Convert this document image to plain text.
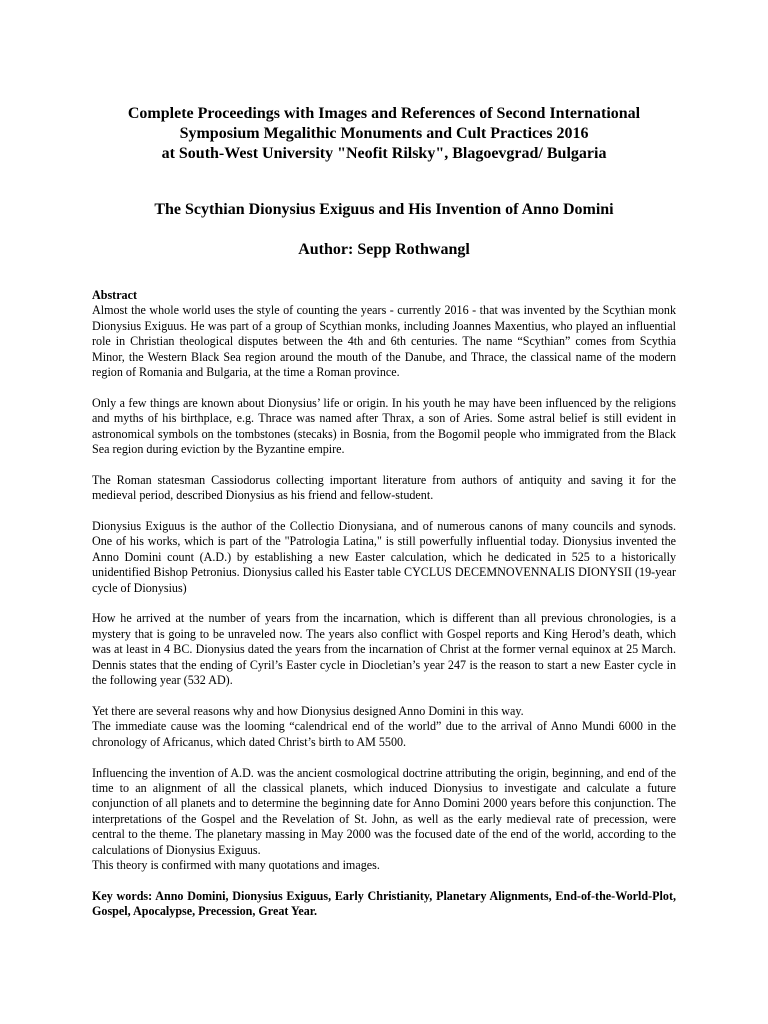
Complete Proceedings with Images and References of Second International
Symposium Megalithic Monuments and Cult Practices 2016
at South-West University "Neofit Rilsky", Blagoevgrad/ Bulgaria
The Scythian Dionysius Exiguus and His Invention of Anno Domini
Author: Sepp Rothwangl

Abstract
Almost the whole world uses the style of counting the years - currently 2016 - that was invented by the Scythian monk Dionysius Exiguus. He was part of a group of Scythian monks, including Joannes Maxentius, who played an influential role in Christian theological disputes between the 4th and 6th centuries. The name “Scythian” comes from Scythia Minor, the Western Black Sea region around the mouth of the Danube, and Thrace, the classical name of the modern region of Romania and Bulgaria, at the time a Roman province.

Only a few things are known about Dionysius’ life or origin. In his youth he may have been influenced by the religions and myths of his birthplace, e.g. Thrace was named after Thrax, a son of Aries. Some astral belief is still evident in astronomical symbols on the tombstones (stecaks) in Bosnia, from the Bogomil people who immigrated from the Black Sea region during eviction by the Byzantine empire.

The Roman statesman Cassiodorus collecting important literature from authors of antiquity and saving it for the medieval period, described Dionysius as his friend and fellow-student.

Dionysius Exiguus is the author of the Collectio Dionysiana, and of numerous canons of many councils and synods. One of his works, which is part of the "Patrologia Latina," is still powerfully influential today. Dionysius invented the Anno Domini count (A.D.) by establishing a new Easter calculation, which he dedicated in 525 to a historically unidentified Bishop Petronius. Dionysius called his Easter table CYCLUS DECEMNOVENNALIS DIONYSII (19-year cycle of Dionysius)

How he arrived at the number of years from the incarnation, which is different than all previous chronologies, is a mystery that is going to be unraveled now. The years also conflict with Gospel reports and King Herod’s death, which was at least in 4 BC. Dionysius dated the years from the incarnation of Christ at the former vernal equinox at 25 March. Dennis states that the ending of Cyril’s Easter cycle in Diocletian’s year 247 is the reason to start a new Easter cycle in the following year (532 AD).

Yet there are several reasons why and how Dionysius designed Anno Domini in this way.

The immediate cause was the looming “calendrical end of the world” due to the arrival of Anno Mundi 6000 in the chronology of Africanus, which dated Christ’s birth to AM 5500.

Influencing the invention of A.D. was the ancient cosmological doctrine attributing the origin, beginning, and end of the time to an alignment of all the classical planets, which induced Dionysius to investigate and calculate a future conjunction of all planets and to determine the beginning date for Anno Domini 2000 years before this conjunction. The interpretations of the Gospel and the Revelation of St. John, as well as the early medieval rate of precession, were central to the theme. The planetary massing in May 2000 was the focused date of the end of the world, according to the calculations of Dionysius Exiguus.

This theory is confirmed with many quotations and images.

Key words: Anno Domini, Dionysius Exiguus, Early Christianity, Planetary Alignments, End-of-the-World-Plot, Gospel, Apocalypse, Precession, Great Year.
